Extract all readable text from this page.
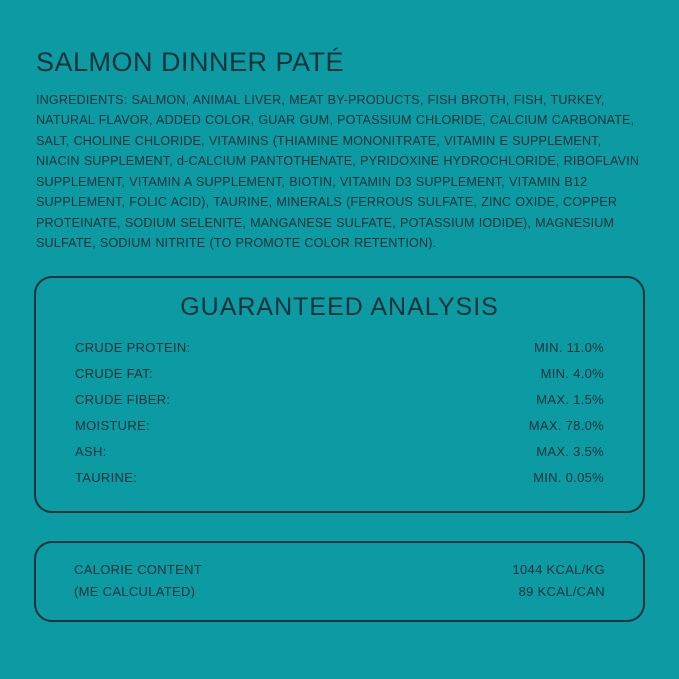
SALMON DINNER PATÉ

INGREDIENTS: SALMON, ANIMAL LIVER, MEAT BY-PRODUCTS, FISH BROTH, FISH, TURKEY, NATURAL FLAVOR, ADDED COLOR, GUAR GUM, POTASSIUM CHLORIDE, CALCIUM CARBONATE, SALT, CHOLINE CHLORIDE, VITAMINS (THIAMINE MONONITRATE, VITAMIN E SUPPLEMENT, NIACIN SUPPLEMENT, d-CALCIUM PANTOTHENATE, PYRIDOXINE HYDROCHLORIDE, RIBOFLAVIN SUPPLEMENT, VITAMIN A SUPPLEMENT, BIOTIN, VITAMIN D3 SUPPLEMENT, VITAMIN B12 SUPPLEMENT, FOLIC ACID), TAURINE, MINERALS (FERROUS SULFATE, ZINC OXIDE, COPPER PROTEINATE, SODIUM SELENITE, MANGANESE SULFATE, POTASSIUM IODIDE), MAGNESIUM SULFATE, SODIUM NITRITE (TO PROMOTE COLOR RETENTION).

GUARANTEED ANALYSIS
CRUDE PROTEIN:	MIN. 11.0%
CRUDE FAT:	MIN. 4.0%
CRUDE FIBER:	MAX. 1.5%
MOISTURE:	MAX. 78.0%
ASH:	MAX. 3.5%
TAURINE:	MIN. 0.05%
CALORIE CONTENT	1044 KCAL/KG
(ME CALCULATED)	89 KCAL/CAN
